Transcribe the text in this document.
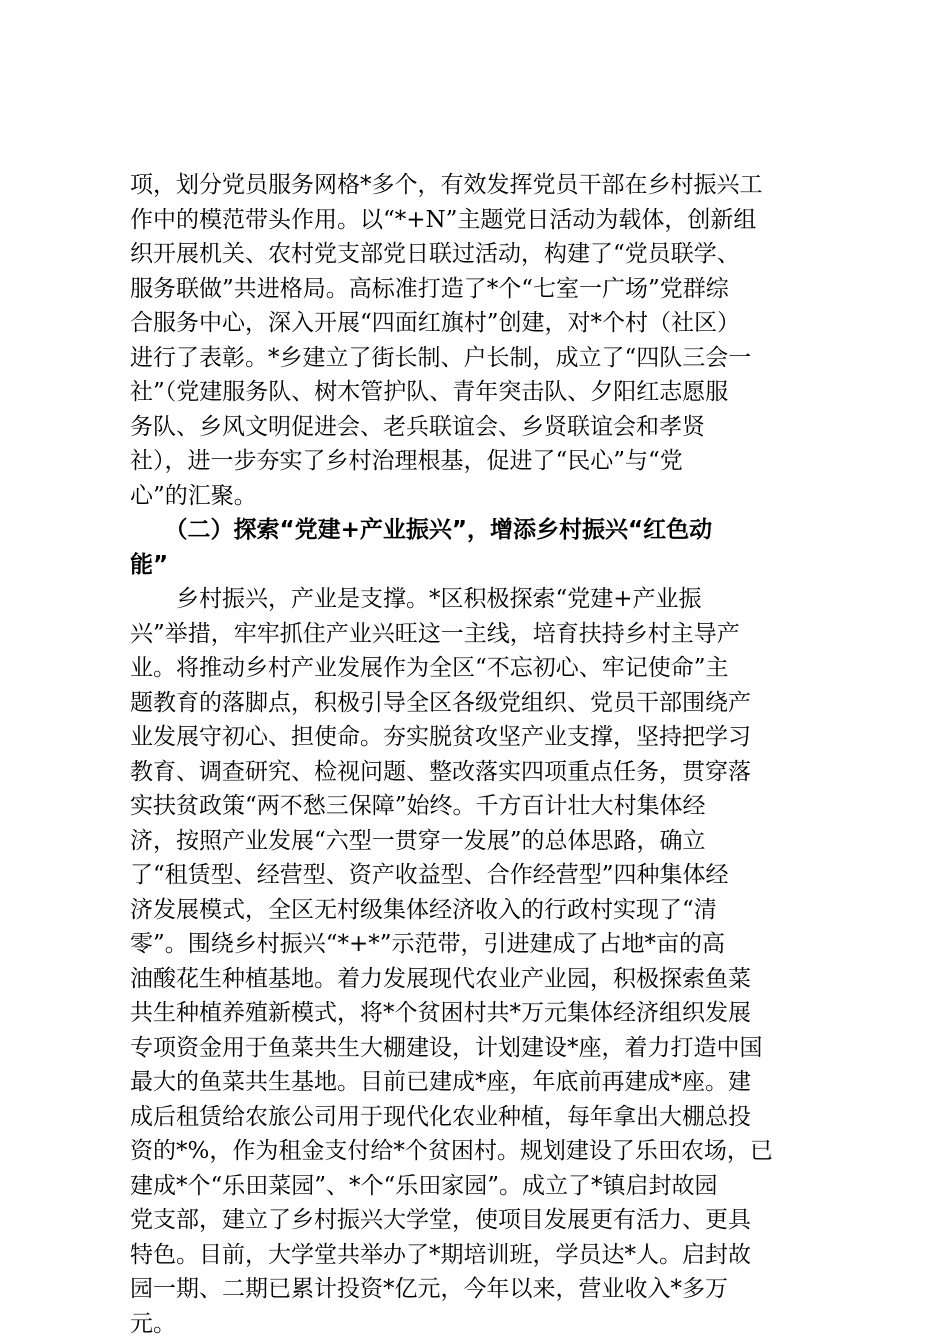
项，划分党员服务网格*多个，有效发挥党员干部在乡村振兴工
作中的模范带头作用。以“*+N”主题党日活动为载体，创新组
织开展机关、农村党支部党日联过活动，构建了“党员联学、
服务联做”共进格局。高标准打造了*个“七室一广场”党群综
合服务中心，深入开展“四面红旗村”创建，对*个村（社区）
进行了表彰。*乡建立了街长制、户长制，成立了“四队三会一
社”（党建服务队、树木管护队、青年突击队、夕阳红志愿服
务队、乡风文明促进会、老兵联谊会、乡贤联谊会和孝贤
社），进一步夯实了乡村治理根基，促进了“民心”与“党
心”的汇聚。
　　（二）探索“党建+产业振兴”，增添乡村振兴“红色动
能”
　　乡村振兴，产业是支撑。*区积极探索“党建+产业振
兴”举措，牢牢抓住产业兴旺这一主线，培育扶持乡村主导产
业。将推动乡村产业发展作为全区“不忘初心、牢记使命”主
题教育的落脚点，积极引导全区各级党组织、党员干部围绕产
业发展守初心、担使命。夯实脱贫攻坚产业支撑，坚持把学习
教育、调查研究、检视问题、整改落实四项重点任务，贯穿落
实扶贫政策“两不愁三保障”始终。千方百计壮大村集体经
济，按照产业发展“六型一贯穿一发展”的总体思路，确立
了“租赁型、经营型、资产收益型、合作经营型”四种集体经
济发展模式，全区无村级集体经济收入的行政村实现了“清
零”。围绕乡村振兴“*+*”示范带，引进建成了占地*亩的高
油酸花生种植基地。着力发展现代农业产业园，积极探索鱼菜
共生种植养殖新模式，将*个贫困村共*万元集体经济组织发展
专项资金用于鱼菜共生大棚建设，计划建设*座，着力打造中国
最大的鱼菜共生基地。目前已建成*座，年底前再建成*座。建
成后租赁给农旅公司用于现代化农业种植，每年拿出大棚总投
资的*%，作为租金支付给*个贫困村。规划建设了乐田农场，已
建成*个“乐田菜园”、*个“乐田家园”。成立了*镇启封故园
党支部，建立了乡村振兴大学堂，使项目发展更有活力、更具
特色。目前，大学堂共举办了*期培训班，学员达*人。启封故
园一期、二期已累计投资*亿元，今年以来，营业收入*多万
元。
